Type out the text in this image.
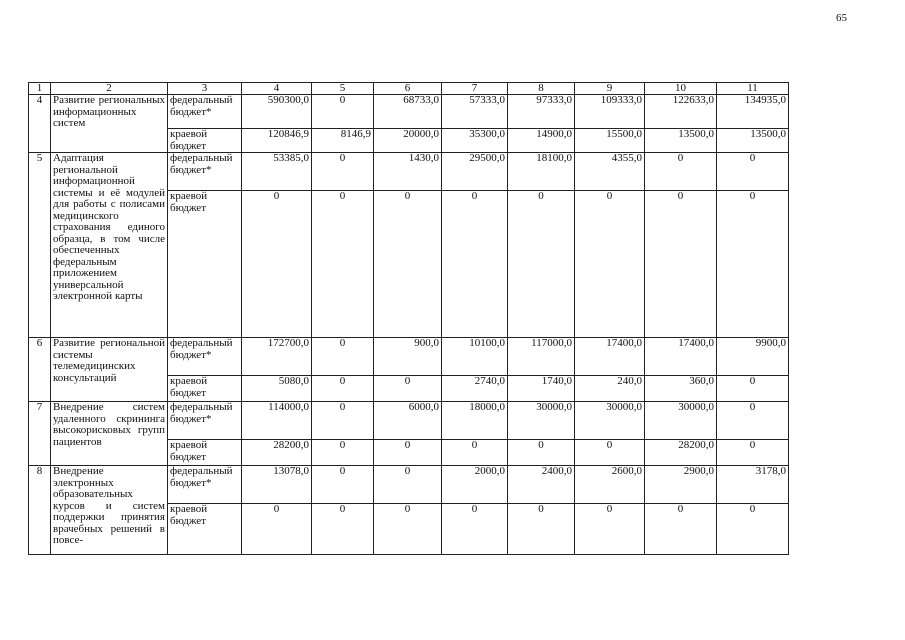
65
1	2	3	4	5	6	7	8	9	10	11
4	Развитие региональных информационных систем	федеральный бюджет*	590300,0	0	68733,0	57333,0	97333,0	109333,0	122633,0	134935,0
		краевой бюджет	120846,9	8146,9	20000,0	35300,0	14900,0	15500,0	13500,0	13500,0
5	Адаптация региональной информационной системы и её модулей для работы с полисами медицинского страхования единого образца, в том числе обеспеченных федеральным приложением универсальной электронной карты	федеральный бюджет*	53385,0	0	1430,0	29500,0	18100,0	4355,0	0	0
		краевой бюджет	0	0	0	0	0	0	0	0
6	Развитие региональной системы телемедицинских консультаций	федеральный бюджет*	172700,0	0	900,0	10100,0	117000,0	17400,0	17400,0	9900,0
		краевой бюджет	5080,0	0	0	2740,0	1740,0	240,0	360,0	0
7	Внедрение систем удаленного скрининга высокорисковых групп пациентов	федеральный бюджет*	114000,0	0	6000,0	18000,0	30000,0	30000,0	30000,0	0
		краевой бюджет	28200,0	0	0	0	0	0	28200,0	0
8	Внедрение электронных образовательных курсов и систем поддержки принятия врачебных решений в повсе-	федеральный бюджет*	13078,0	0	0	2000,0	2400,0	2600,0	2900,0	3178,0
		краевой бюджет	0	0	0	0	0	0	0	0
